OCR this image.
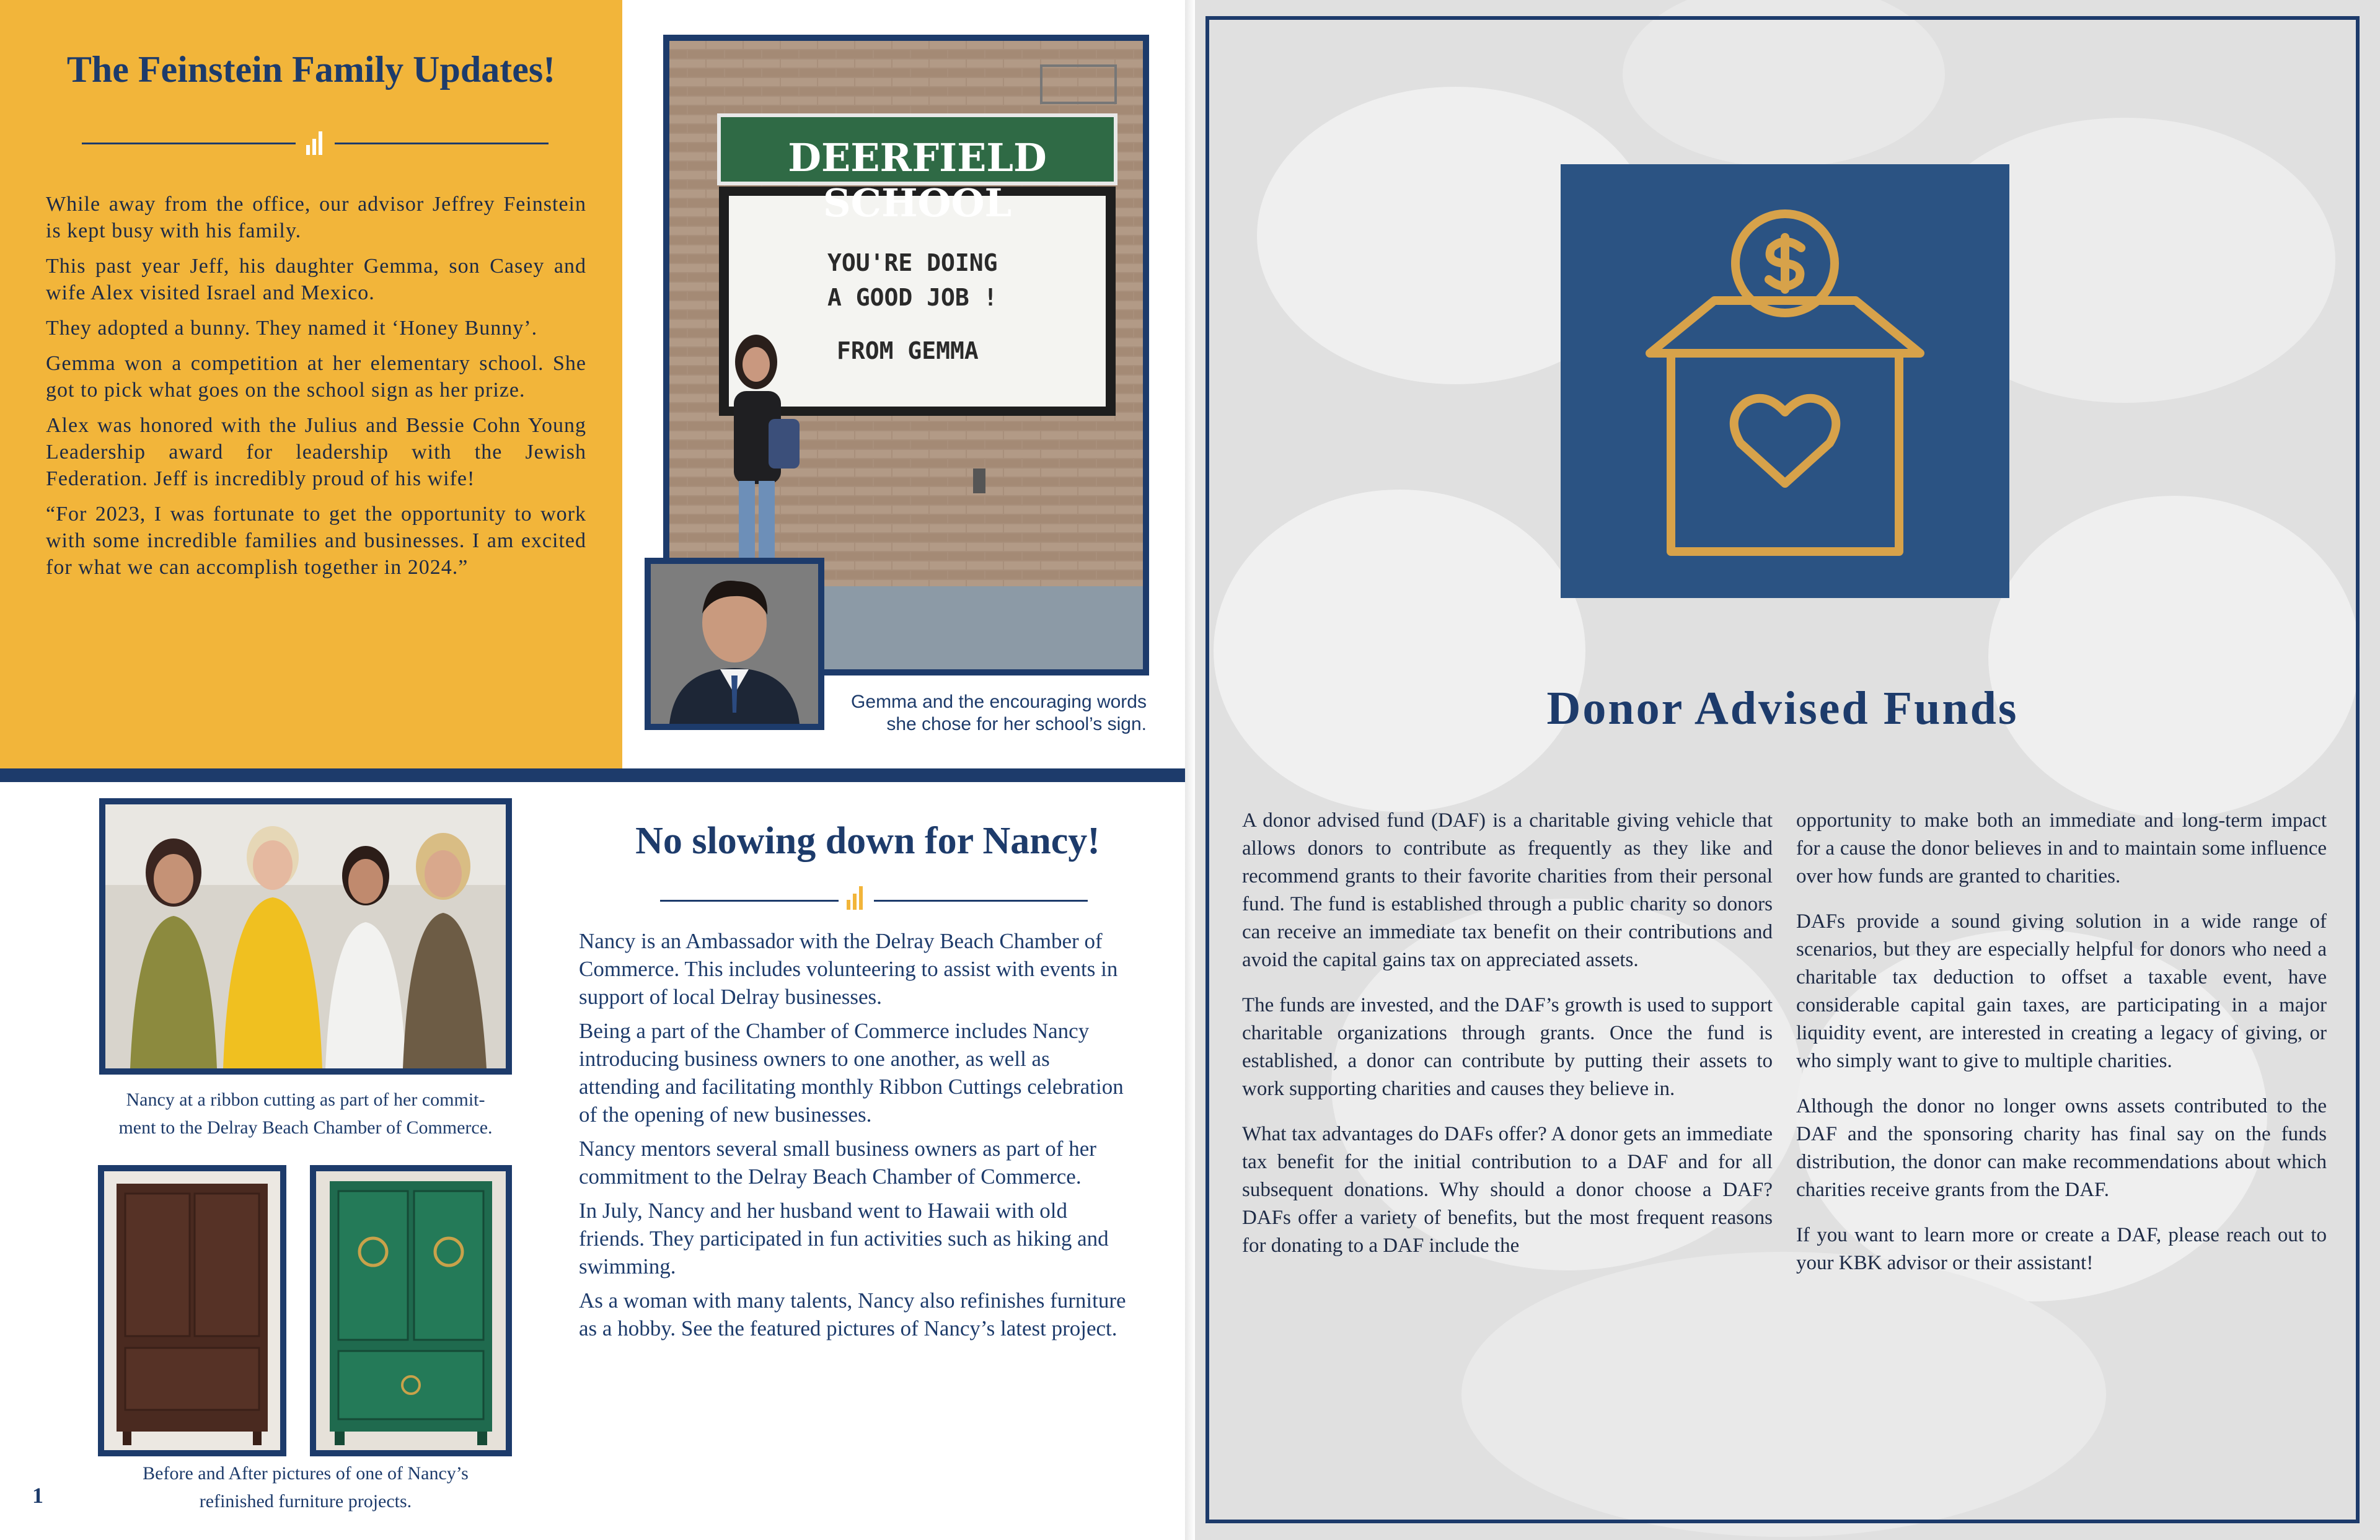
The Feinstein Family Updates!

While away from the office, our advisor Jeffrey Feinstein is kept busy with his family.

This past year Jeff, his daughter Gemma, son Casey and wife Alex visited Israel and Mexico.

They adopted a bunny. They named it ‘Honey Bunny’.

Gemma won a competition at her elementary school. She got to pick what goes on the school sign as her prize.

Alex was honored with the Julius and Bessie Cohn Young Leadership award for leadership with the Jewish Federation. Jeff is incredibly proud of his wife!

“For 2023, I was fortunate to get the opportunity to work with some incredible families and businesses. I am excited for what we can accomplish together in 2024.”

DEERFIELD SCHOOL
YOU'RE DOING
A GOOD JOB !
FROM GEMMA
Gemma and the encouraging words
she chose for her school’s sign.
Nancy at a ribbon cutting as part of her commit-
ment to the Delray Beach Chamber of Commerce.
Before and After pictures of one of Nancy’s
refinished furniture projects.
1
No slowing down for Nancy!

Nancy is an Ambassador with the Delray Beach Chamber of Commerce. This includes volunteering to assist with events in support of local Delray businesses.

Being a part of the Chamber of Commerce includes Nancy introducing business owners to one another, as well as attending and facilitating monthly Ribbon Cuttings celebration of the opening of new businesses.

Nancy mentors several small business owners as part of her commitment to the Delray Beach Chamber of Commerce.

In July, Nancy and her husband went to Hawaii with old friends. They participated in fun activities such as hiking and swimming.

As a woman with many talents, Nancy also refinishes furniture as a hobby. See the featured pictures of Nancy’s latest project.

Donor Advised Funds

A donor advised fund (DAF) is a charitable giving vehicle that allows donors to contribute as frequently as they like and recommend grants to their favorite charities from their personal fund. The fund is established through a public charity so donors can receive an immediate tax benefit on their contributions and avoid the capital gains tax on appreciated assets.

The funds are invested, and the DAF’s growth is used to support charitable organizations through grants. Once the fund is established, a donor can contribute by putting their assets to work supporting charities and causes they believe in.

What tax advantages do DAFs offer? A donor gets an immediate tax benefit for the initial contribution to a DAF and for all subsequent donations. Why should a donor choose a DAF? DAFs offer a variety of benefits, but the most frequent reasons for donating to a DAF include the

opportunity to make both an immediate and long-term impact for a cause the donor believes in and to maintain some influence over how funds are granted to charities.

DAFs provide a sound giving solution in a wide range of scenarios, but they are especially helpful for donors who need a charitable tax deduction to offset a taxable event, have considerable capital gain taxes, are participating in a major liquidity event, are interested in creating a legacy of giving, or who simply want to give to multiple charities.

Although the donor no longer owns assets contributed to the DAF and the sponsoring charity has final say on the funds distribution, the donor can make recommendations about which charities receive grants from the DAF.

If you want to learn more or create a DAF, please reach out to your KBK advisor or their assistant!
